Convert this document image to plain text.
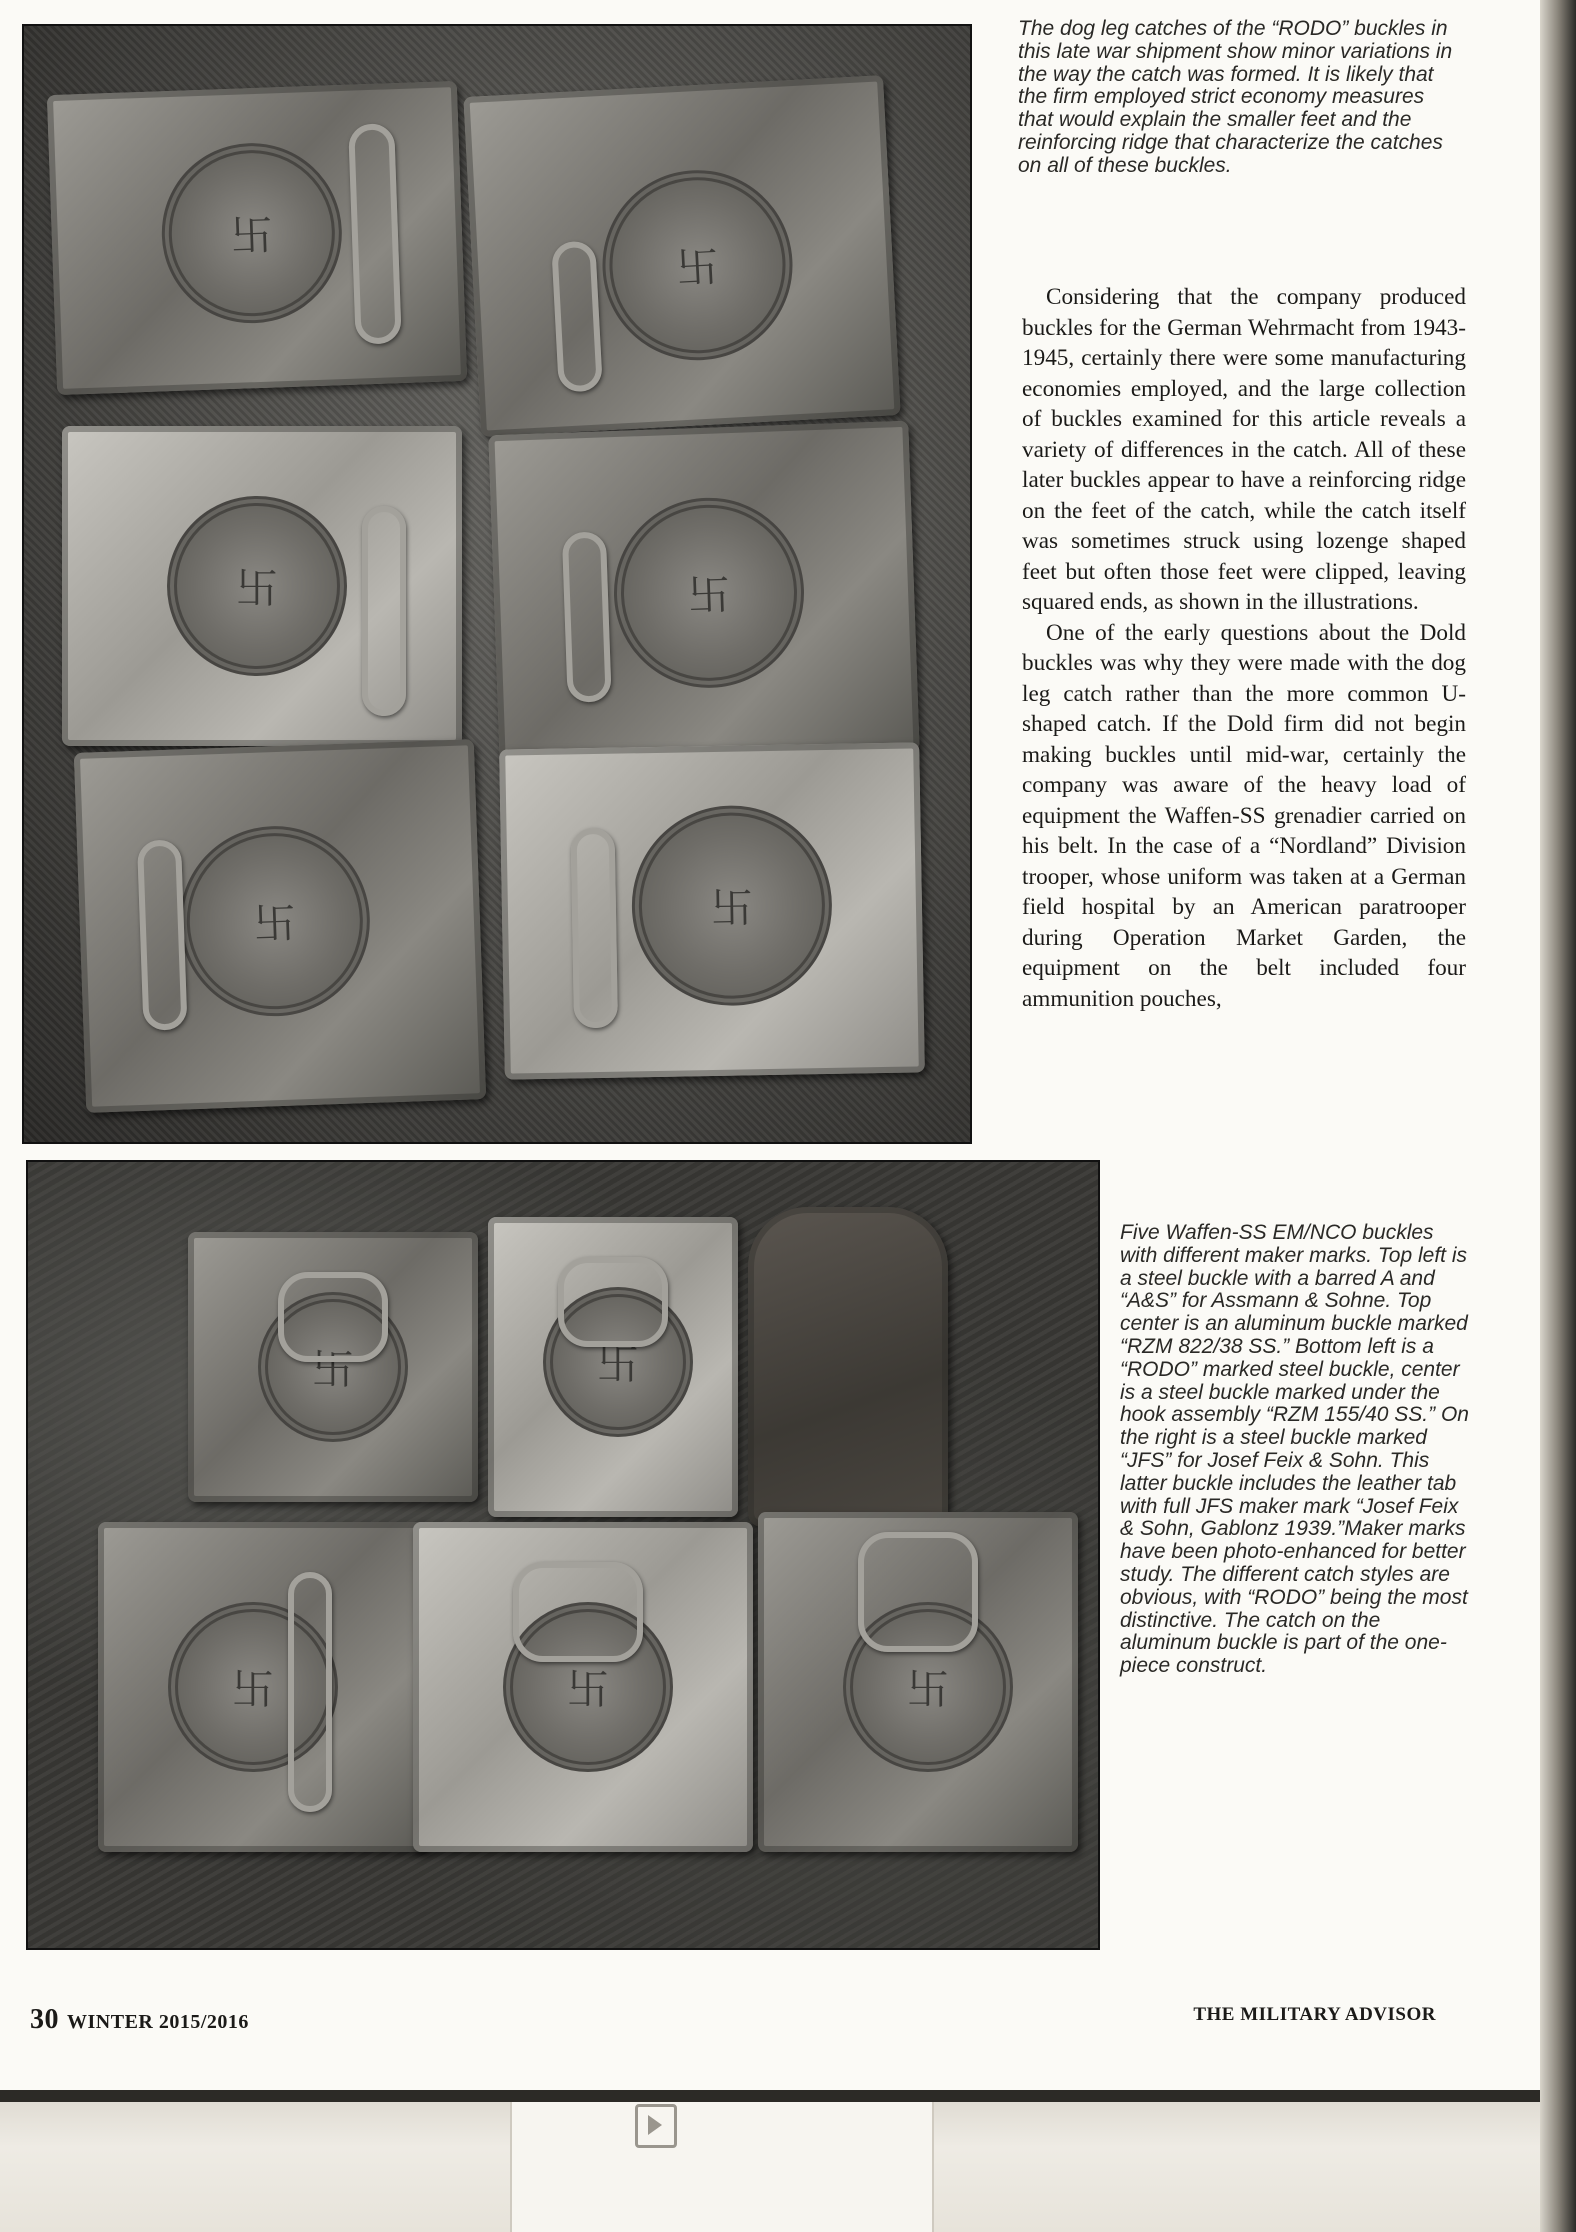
卐
卐
卐
卐
卐
卐
The dog leg catches of the “RODO” buckles in this late war shipment show minor variations in the way the catch was formed. It is likely that the firm employed strict economy measures that would explain the smaller feet and the reinforcing ridge that characterize the catches on all of these buckles.

Considering that the company produced buckles for the German Wehrmacht from 1943-1945, certainly there were some manufacturing economies employed, and the large collection of buckles examined for this article reveals a variety of differences in the catch. All of these later buckles appear to have a reinforcing ridge on the feet of the catch, while the catch itself was sometimes struck using lozenge shaped feet but often those feet were clipped, leaving squared ends, as shown in the illustrations.

One of the early questions about the Dold buckles was why they were made with the dog leg catch rather than the more common U-shaped catch. If the Dold firm did not begin making buckles until mid-war, certainly the company was aware of the heavy load of equipment the Waffen-SS grenadier carried on his belt. In the case of a “Nordland” Division trooper, whose uniform was taken at a German field hospital by an American paratrooper during Operation Market Garden, the equipment on the belt included four ammunition pouches,

卐
卐
卐
卐
卐
Five Waffen-SS EM/NCO buckles with different maker marks. Top left is a steel buckle with a barred A and “A&S” for Assmann & Sohne. Top center is an aluminum buckle marked “RZM 822/38 SS.” Bottom left is a “RODO” marked steel buckle, center is a steel buckle marked under the hook assembly “RZM 155/40 SS.” On the right is a steel buckle marked “JFS” for Josef Feix & Sohn. This latter buckle includes the leather tab with full JFS maker mark “Josef Feix & Sohn, Gablonz 1939.”Maker marks have been photo-enhanced for better study. The different catch styles are obvious, with “RODO” being the most distinctive. The catch on the aluminum buckle is part of the one-piece construct.
30 WINTER 2015/2016	THE MILITARY ADVISOR
